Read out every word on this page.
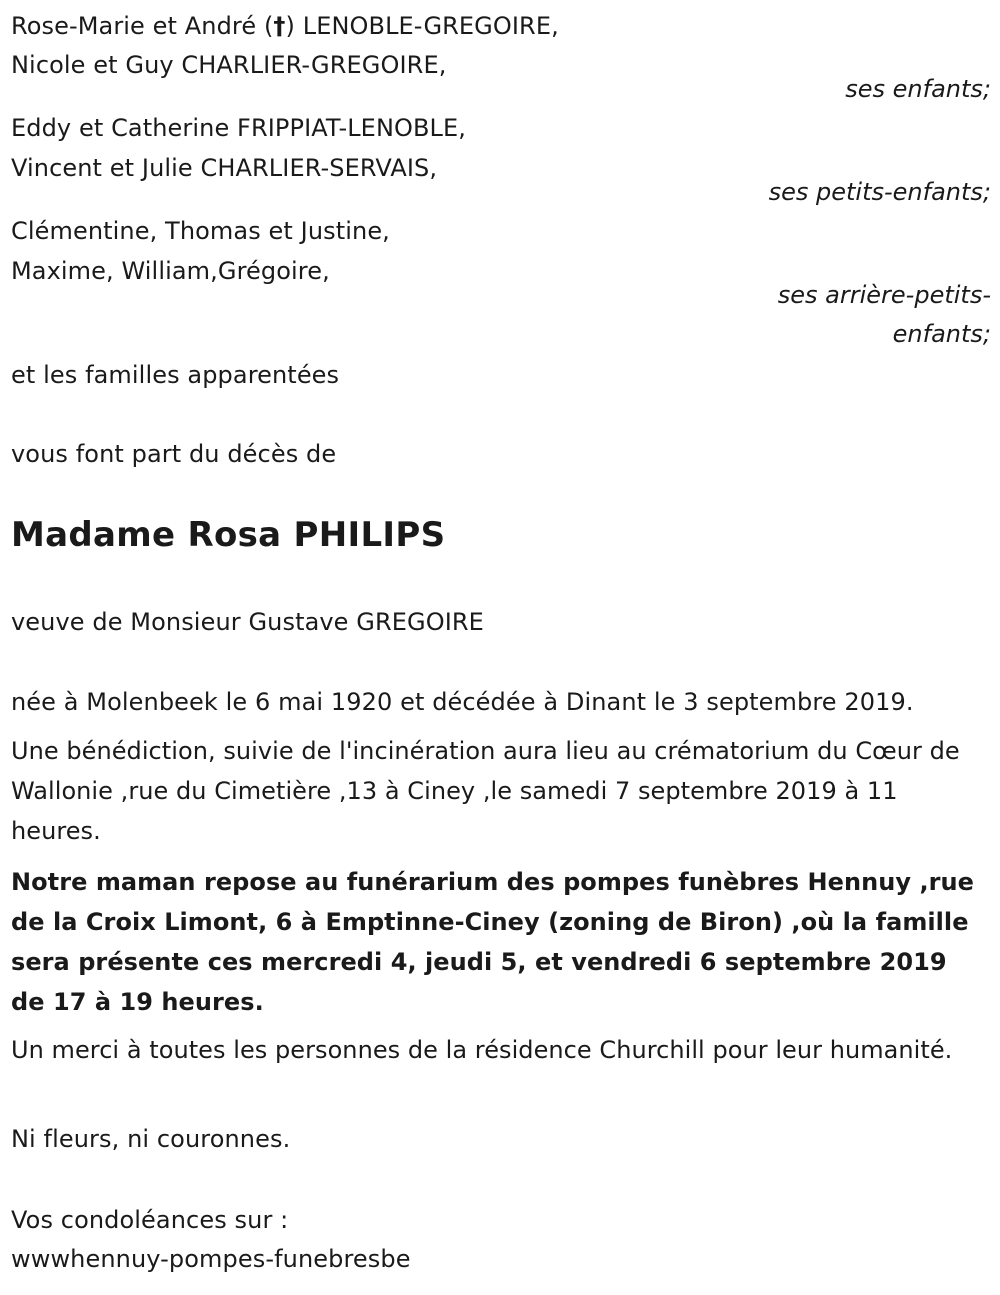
Rose-Marie et André (†) LENOBLE-GREGOIRE,
Nicole et Guy CHARLIER-GREGOIRE,
ses enfants;
Eddy et Catherine FRIPPIAT-LENOBLE,
Vincent et Julie CHARLIER-SERVAIS,
ses petits-enfants;
Clémentine, Thomas et Justine,
Maxime, William,Grégoire,
ses arrière-petits-
enfants;
et les familles apparentées
vous font part du décès de
Madame Rosa PHILIPS
veuve de Monsieur Gustave GREGOIRE
née à Molenbeek le 6 mai 1920 et décédée à Dinant le 3 septembre 2019.
Une bénédiction, suivie de l'incinération aura lieu au crématorium du Cœur de Wallonie ,rue du Cimetière ,13 à Ciney ,le samedi 7 septembre 2019 à 11 heures.
Notre maman repose au funérarium des pompes funèbres Hennuy ,rue de la Croix Limont, 6 à Emptinne-Ciney (zoning de Biron) ,où la famille sera présente ces mercredi 4, jeudi 5, et vendredi 6 septembre 2019 de 17 à 19 heures.
Un merci à toutes les personnes de la résidence Churchill pour leur humanité.
Ni fleurs, ni couronnes.
Vos condoléances sur :
wwwhennuy-pompes-funebresbe
